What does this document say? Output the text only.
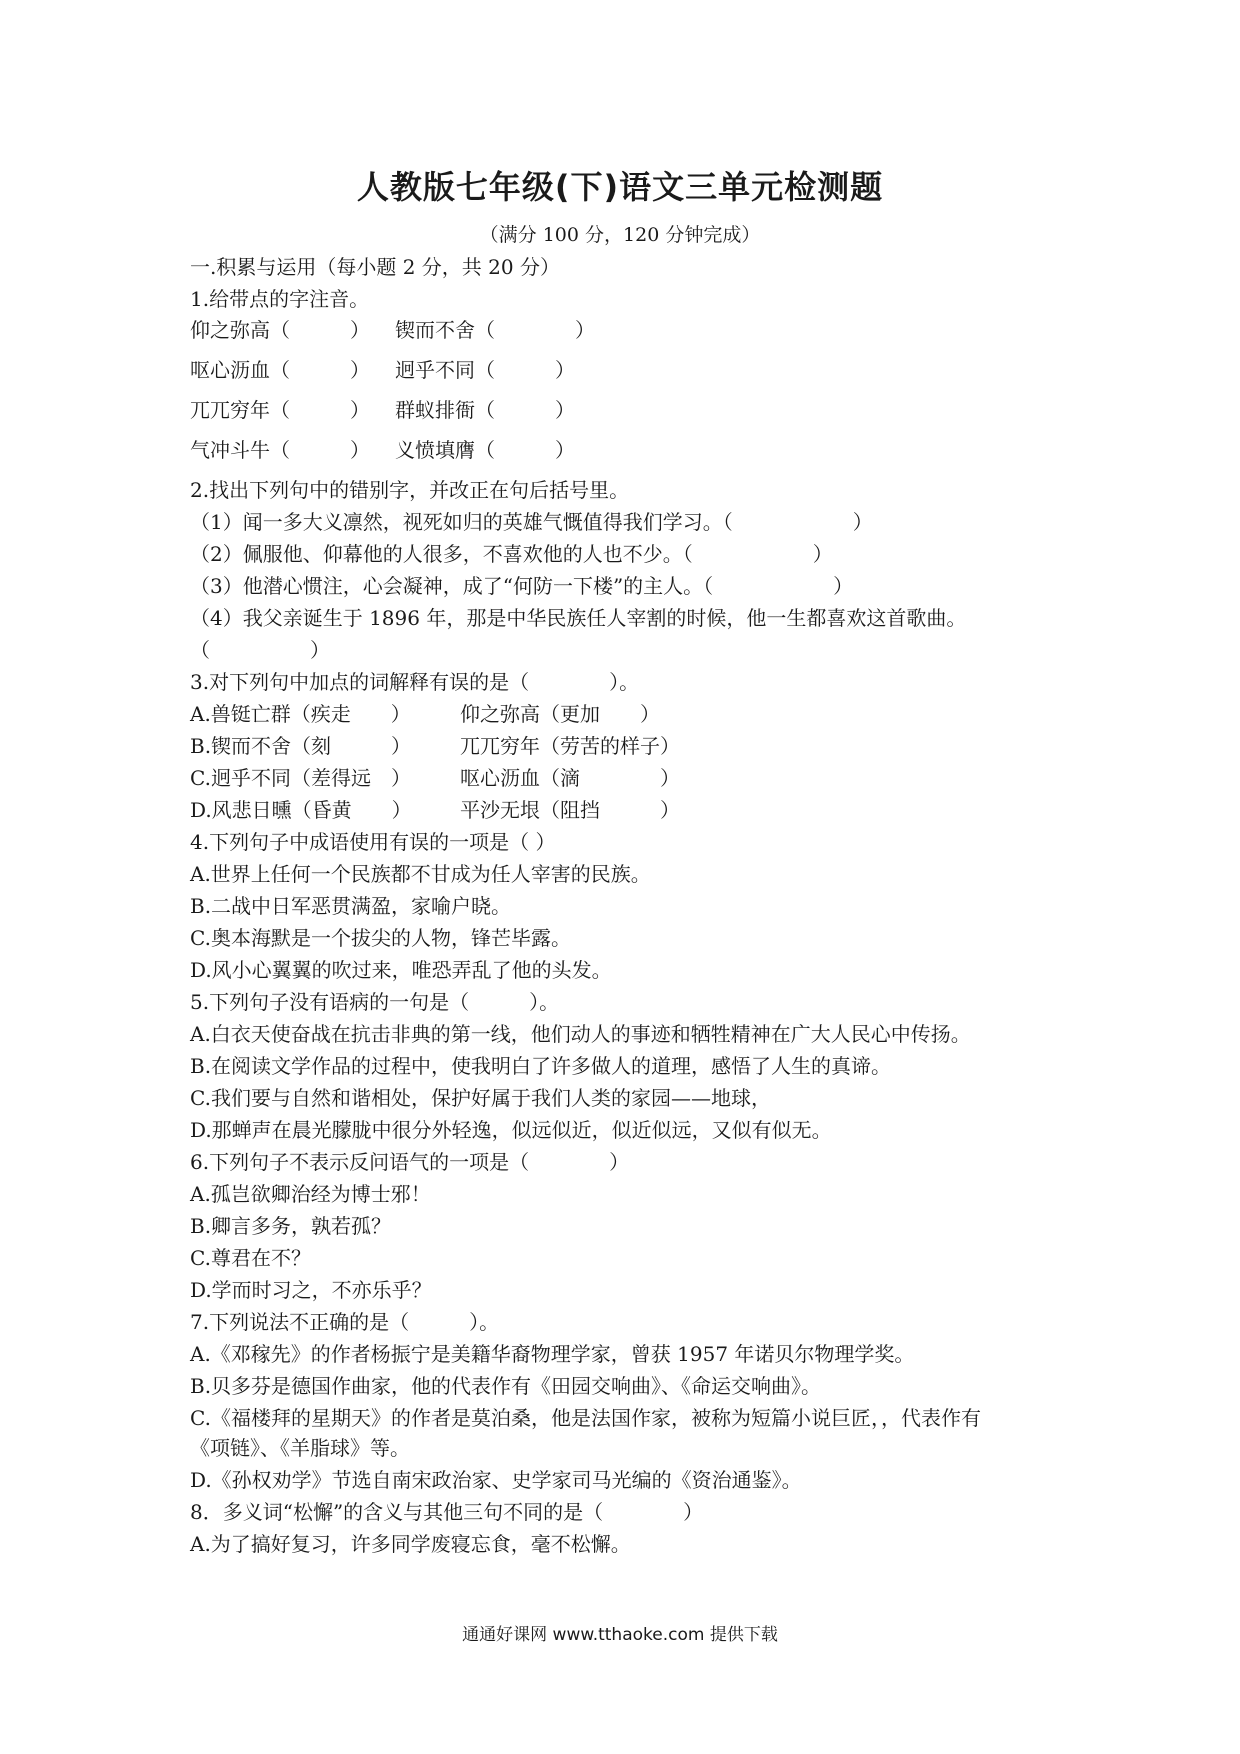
人教版七年级(下)语文三单元检测题
（满分 100 分，120 分钟完成）
一.积累与运用（每小题 2 分，共 20 分）
1.给带点的字注音。
仰之弥高（　　　） 锲而不舍（　　　　）
呕心沥血（　　　） 迥乎不同（　　　）
兀兀穷年（　　　） 群蚁排衙（　　　）
气冲斗牛（　　　） 义愤填膺（　　　）
2.找出下列句中的错别字，并改正在句后括号里。
（1）闻一多大义凛然，视死如归的英雄气慨值得我们学习。（　　　　　　）
（2）佩服他、仰幕他的人很多，不喜欢他的人也不少。（　　　　　　）
（3）他潜心惯注，心会凝神，成了“何防一下楼”的主人。（　　　　　　）
（4）我父亲诞生于 1896 年，那是中华民族任人宰割的时候，他一生都喜欢这首歌曲。
（　　　　　）
3.对下列句中加点的词解释有误的是（　　　　）。
A.兽铤亡群（疾走　　） 仰之弥高（更加　　）
B.锲而不舍（刻　　　） 兀兀穷年（劳苦的样子）
C.迥乎不同（差得远　） 呕心沥血（滴　　　　）
D.风悲日曛（昏黄　　） 平沙无垠（阻挡　　　）
4.下列句子中成语使用有误的一项是（ ）
A.世界上任何一个民族都不甘成为任人宰害的民族。
B.二战中日军恶贯满盈，家喻户晓。
C.奥本海默是一个拔尖的人物，锋芒毕露。
D.风小心翼翼的吹过来，唯恐弄乱了他的头发。
5.下列句子没有语病的一句是（　　　）。
A.白衣天使奋战在抗击非典的第一线，他们动人的事迹和牺牲精神在广大人民心中传扬。
B.在阅读文学作品的过程中，使我明白了许多做人的道理，感悟了人生的真谛。
C.我们要与自然和谐相处，保护好属于我们人类的家园——地球，
D.那蝉声在晨光朦胧中很分外轻逸，似远似近，似近似远，又似有似无。
6.下列句子不表示反问语气的一项是（　　　　）
A.孤岂欲卿治经为博士邪！
B.卿言多务，孰若孤？
C.尊君在不？
D.学而时习之，不亦乐乎？
7.下列说法不正确的是（　　　）。
A.《邓稼先》的作者杨振宁是美籍华裔物理学家，曾获 1957 年诺贝尔物理学奖。
B.贝多芬是德国作曲家，他的代表作有《田园交响曲》、《命运交响曲》。
C.《福楼拜的星期天》的作者是莫泊桑，他是法国作家，被称为短篇小说巨匠，，代表作有
《项链》、《羊脂球》等。
D.《孙权劝学》节选自南宋政治家、史学家司马光编的《资治通鉴》。
8．多义词“松懈”的含义与其他三句不同的是（　　　　）
A.为了搞好复习，许多同学废寝忘食，毫不松懈。
通通好课网 www.tthaoke.com 提供下载
